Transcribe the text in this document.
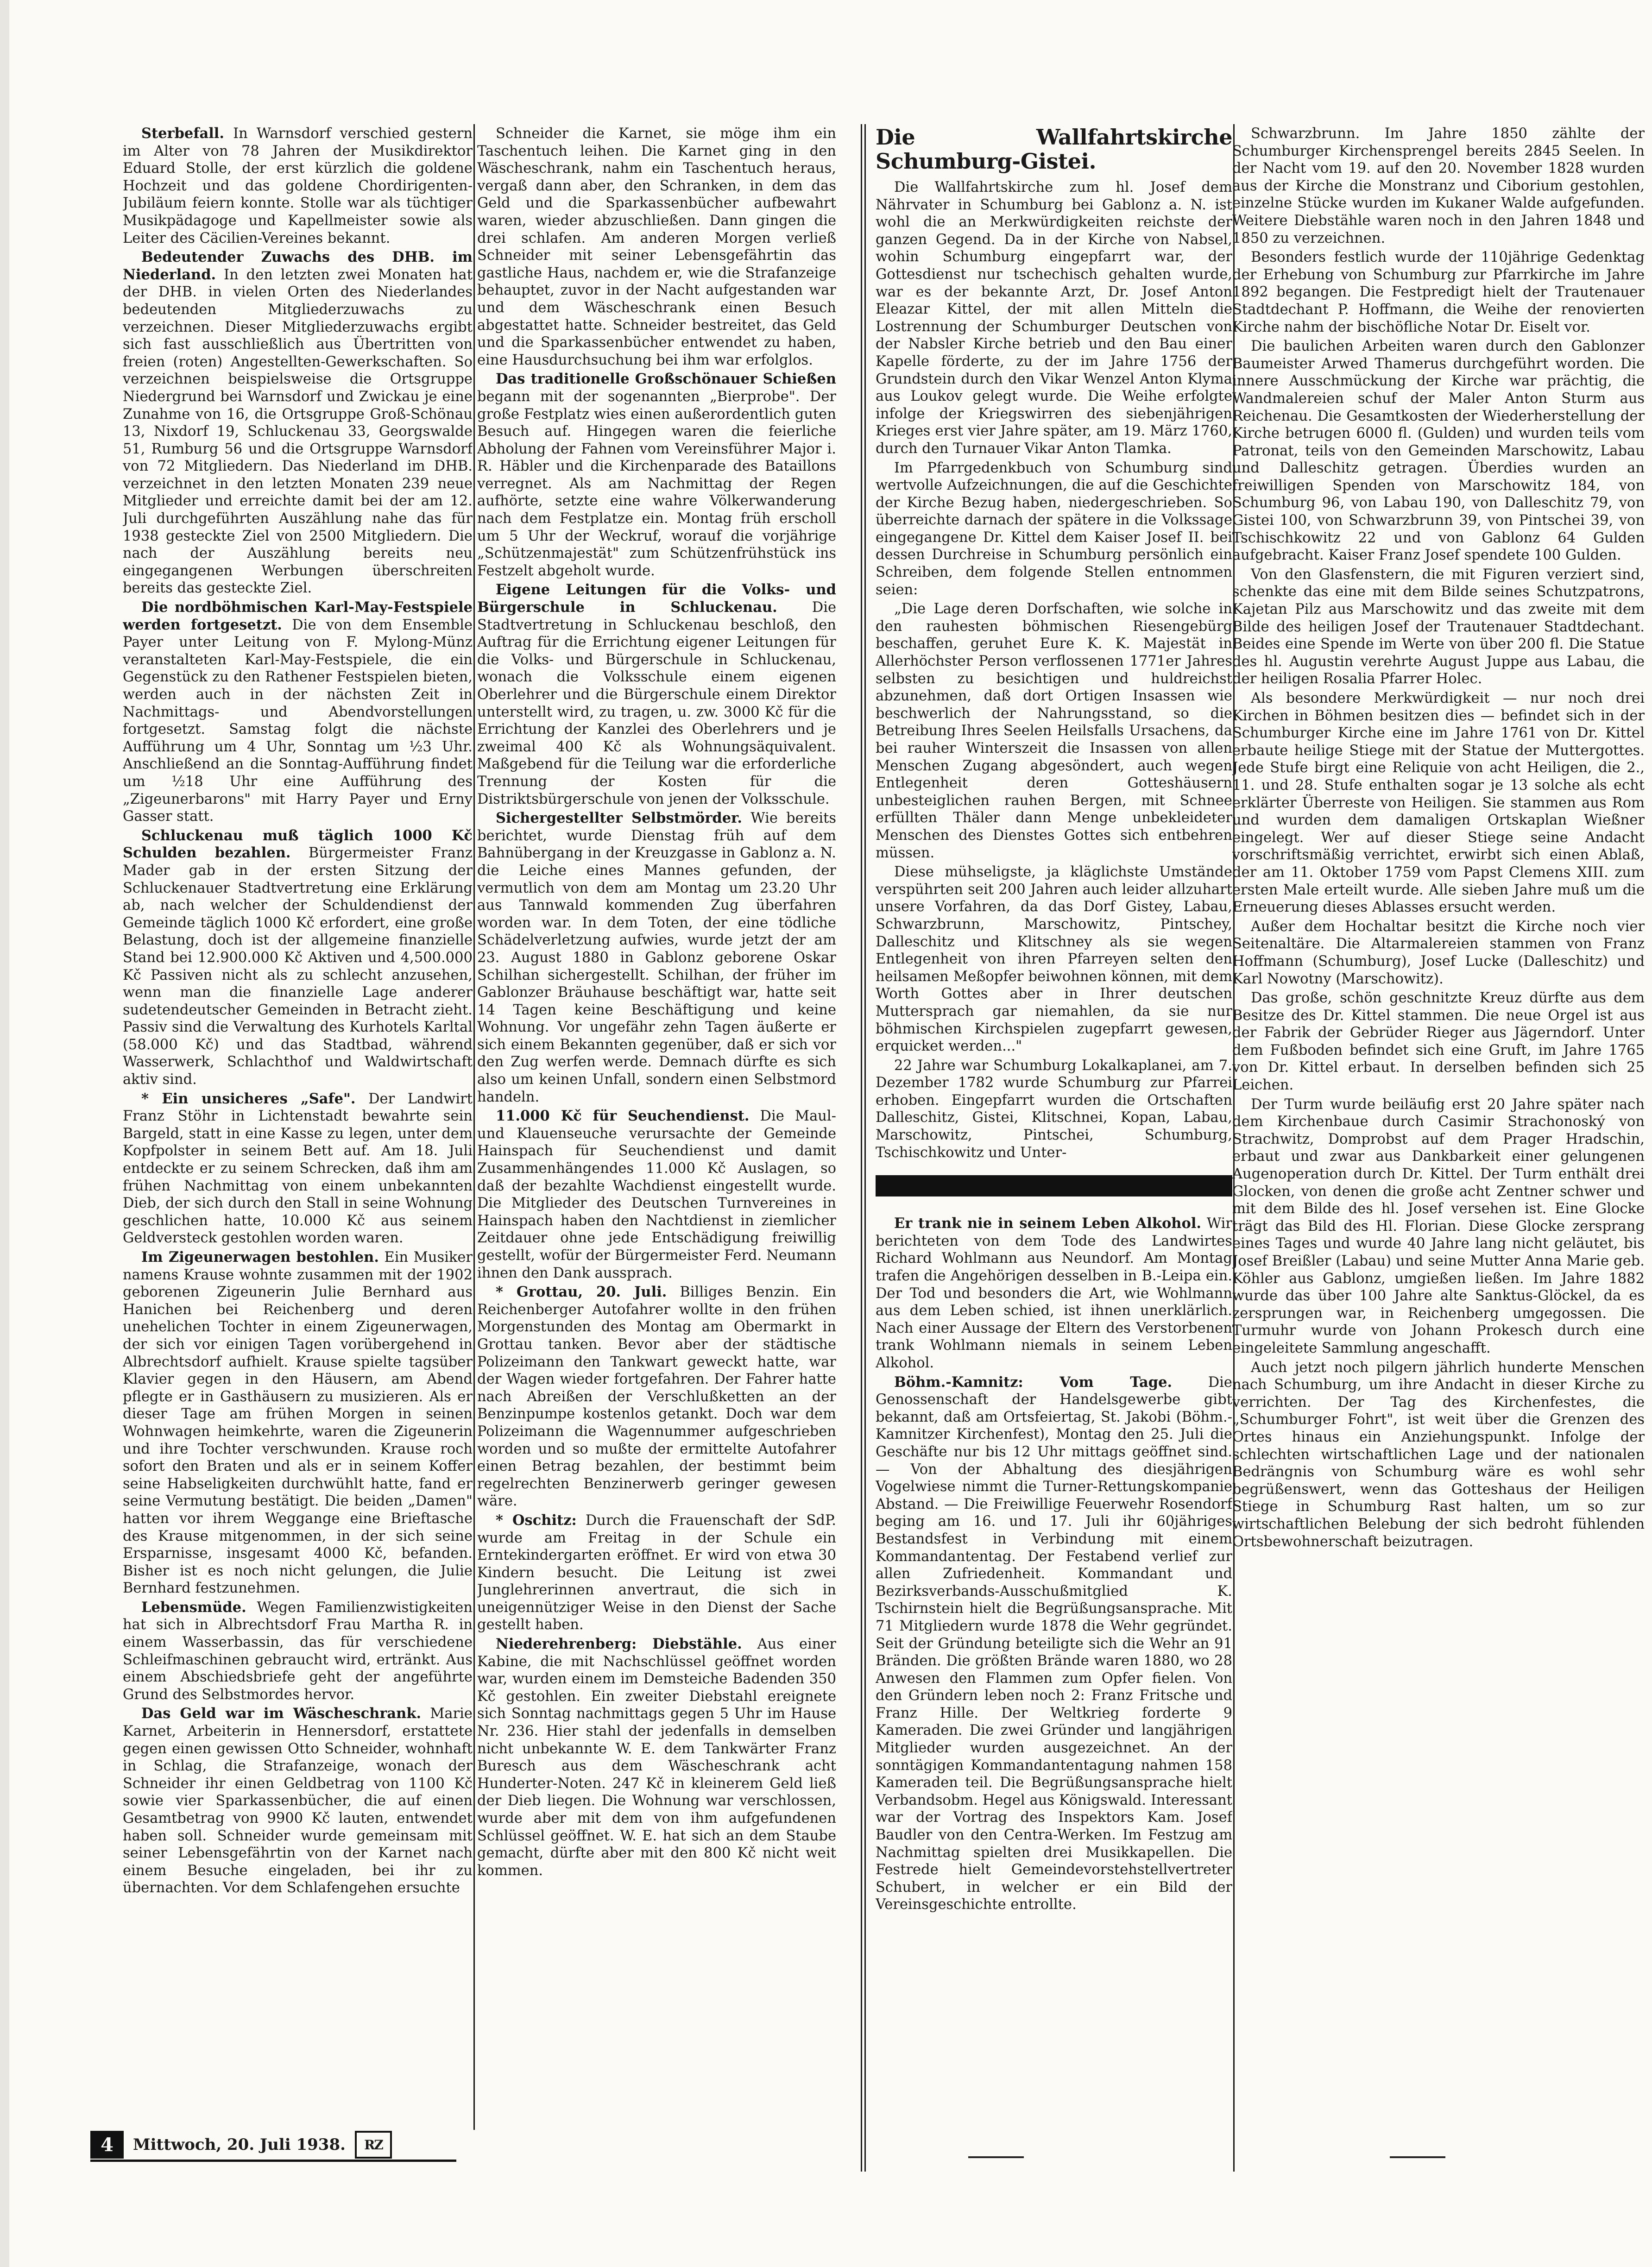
Sterbefall. In Warnsdorf verschied gestern im Alter von 78 Jahren der Musikdirektor Eduard Stolle, der erst kürzlich die goldene Hochzeit und das goldene Chordirigenten-Jubiläum feiern konnte. Stolle war als tüchtiger Musikpädagoge und Kapellmeister sowie als Leiter des Cäcilien-Vereines bekannt.

Bedeutender Zuwachs des DHB. im Niederland. In den letzten zwei Monaten hat der DHB. in vielen Orten des Niederlandes bedeutenden Mitgliederzuwachs zu verzeichnen. Dieser Mitgliederzuwachs ergibt sich fast ausschließlich aus Übertritten von freien (roten) Angestellten-Gewerkschaften. So verzeichnen beispielsweise die Ortsgruppe Niedergrund bei Warnsdorf und Zwickau je eine Zunahme von 16, die Ortsgruppe Groß-Schönau 13, Nixdorf 19, Schluckenau 33, Georgswalde 51, Rumburg 56 und die Ortsgruppe Warnsdorf von 72 Mitgliedern. Das Niederland im DHB. verzeichnet in den letzten Monaten 239 neue Mitglieder und erreichte damit bei der am 12. Juli durchgeführten Auszählung nahe das für 1938 gesteckte Ziel von 2500 Mitgliedern. Die nach der Auszählung bereits neu eingegangenen Werbungen überschreiten bereits das gesteckte Ziel.

Die nordböhmischen Karl-May-Festspiele werden fortgesetzt. Die von dem Ensemble Payer unter Leitung von F. Mylong-Münz veranstalteten Karl-May-Festspiele, die ein Gegenstück zu den Rathener Festspielen bieten, werden auch in der nächsten Zeit in Nachmittags- und Abendvorstellungen fortgesetzt. Samstag folgt die nächste Aufführung um 4 Uhr, Sonntag um ½3 Uhr. Anschließend an die Sonntag-Aufführung findet um ½18 Uhr eine Aufführung des „Zigeunerbarons" mit Harry Payer und Erny Gasser statt.

Schluckenau muß täglich 1000 Kč Schulden bezahlen. Bürgermeister Franz Mader gab in der ersten Sitzung der Schluckenauer Stadtvertretung eine Erklärung ab, nach welcher der Schuldendienst der Gemeinde täglich 1000 Kč erfordert, eine große Belastung, doch ist der allgemeine finanzielle Stand bei 12.900.000 Kč Aktiven und 4,500.000 Kč Passiven nicht als zu schlecht anzusehen, wenn man die finanzielle Lage anderer sudetendeutscher Gemeinden in Betracht zieht. Passiv sind die Verwaltung des Kurhotels Karltal (58.000 Kč) und das Stadtbad, während Wasserwerk, Schlachthof und Waldwirtschaft aktiv sind.

* Ein unsicheres „Safe". Der Landwirt Franz Stöhr in Lichtenstadt bewahrte sein Bargeld, statt in eine Kasse zu legen, unter dem Kopfpolster in seinem Bett auf. Am 18. Juli entdeckte er zu seinem Schrecken, daß ihm am frühen Nachmittag von einem unbekannten Dieb, der sich durch den Stall in seine Wohnung geschlichen hatte, 10.000 Kč aus seinem Geldversteck gestohlen worden waren.

Im Zigeunerwagen bestohlen. Ein Musiker namens Krause wohnte zusammen mit der 1902 geborenen Zigeunerin Julie Bernhard aus Hanichen bei Reichenberg und deren unehelichen Tochter in einem Zigeunerwagen, der sich vor einigen Tagen vorübergehend in Albrechtsdorf aufhielt. Krause spielte tagsüber Klavier gegen in den Häusern, am Abend pflegte er in Gasthäusern zu musizieren. Als er dieser Tage am frühen Morgen in seinen Wohnwagen heimkehrte, waren die Zigeunerin und ihre Tochter verschwunden. Krause roch sofort den Braten und als er in seinem Koffer seine Habseligkeiten durchwühlt hatte, fand er seine Vermutung bestätigt. Die beiden „Damen" hatten vor ihrem Weggange eine Brieftasche des Krause mitgenommen, in der sich seine Ersparnisse, insgesamt 4000 Kč, befanden. Bisher ist es noch nicht gelungen, die Julie Bernhard festzunehmen.

Lebensmüde. Wegen Familienzwistigkeiten hat sich in Albrechtsdorf Frau Martha R. in einem Wasserbassin, das für verschiedene Schleifmaschinen gebraucht wird, ertränkt. Aus einem Abschiedsbriefe geht der angeführte Grund des Selbstmordes hervor.

Das Geld war im Wäscheschrank. Marie Karnet, Arbeiterin in Hennersdorf, erstattete gegen einen gewissen Otto Schneider, wohnhaft in Schlag, die Strafanzeige, wonach der Schneider ihr einen Geldbetrag von 1100 Kč sowie vier Sparkassenbücher, die auf einen Gesamtbetrag von 9900 Kč lauten, entwendet haben soll. Schneider wurde gemeinsam mit seiner Lebensgefährtin von der Karnet nach einem Besuche eingeladen, bei ihr zu übernachten. Vor dem Schlafengehen ersuchte

Schneider die Karnet, sie möge ihm ein Taschentuch leihen. Die Karnet ging in den Wäscheschrank, nahm ein Taschentuch heraus, vergaß dann aber, den Schranken, in dem das Geld und die Sparkassenbücher aufbewahrt waren, wieder abzuschließen. Dann gingen die drei schlafen. Am anderen Morgen verließ Schneider mit seiner Lebensgefährtin das gastliche Haus, nachdem er, wie die Strafanzeige behauptet, zuvor in der Nacht aufgestanden war und dem Wäscheschrank einen Besuch abgestattet hatte. Schneider bestreitet, das Geld und die Sparkassenbücher entwendet zu haben, eine Hausdurchsuchung bei ihm war erfolglos.

Das traditionelle Großschönauer Schießen begann mit der sogenannten „Bierprobe". Der große Festplatz wies einen außerordentlich guten Besuch auf. Hingegen waren die feierliche Abholung der Fahnen vom Vereinsführer Major i. R. Häbler und die Kirchenparade des Bataillons verregnet. Als am Nachmittag der Regen aufhörte, setzte eine wahre Völkerwanderung nach dem Festplatze ein. Montag früh erscholl um 5 Uhr der Weckruf, worauf die vorjährige „Schützenmajestät" zum Schützenfrühstück ins Festzelt abgeholt wurde.

Eigene Leitungen für die Volks- und Bürgerschule in Schluckenau. Die Stadtvertretung in Schluckenau beschloß, den Auftrag für die Errichtung eigener Leitungen für die Volks- und Bürgerschule in Schluckenau, wonach die Volksschule einem eigenen Oberlehrer und die Bürgerschule einem Direktor unterstellt wird, zu tragen, u. zw. 3000 Kč für die Errichtung der Kanzlei des Oberlehrers und je zweimal 400 Kč als Wohnungsäquivalent. Maßgebend für die Teilung war die erforderliche Trennung der Kosten für die Distriktsbürgerschule von jenen der Volksschule.

Sichergestellter Selbstmörder. Wie bereits berichtet, wurde Dienstag früh auf dem Bahnübergang in der Kreuzgasse in Gablonz a. N. die Leiche eines Mannes gefunden, der vermutlich von dem am Montag um 23.20 Uhr aus Tannwald kommenden Zug überfahren worden war. In dem Toten, der eine tödliche Schädelverletzung aufwies, wurde jetzt der am 23. August 1880 in Gablonz geborene Oskar Schilhan sichergestellt. Schilhan, der früher im Gablonzer Bräuhause beschäftigt war, hatte seit 14 Tagen keine Beschäftigung und keine Wohnung. Vor ungefähr zehn Tagen äußerte er sich einem Bekannten gegenüber, daß er sich vor den Zug werfen werde. Demnach dürfte es sich also um keinen Unfall, sondern einen Selbstmord handeln.

11.000 Kč für Seuchendienst. Die Maul- und Klauenseuche verursachte der Gemeinde Hainspach für Seuchendienst und damit Zusammenhängendes 11.000 Kč Auslagen, so daß der bezahlte Wachdienst eingestellt wurde. Die Mitglieder des Deutschen Turnvereines in Hainspach haben den Nachtdienst in ziemlicher Zeitdauer ohne jede Entschädigung freiwillig gestellt, wofür der Bürgermeister Ferd. Neumann ihnen den Dank aussprach.

* Grottau, 20. Juli. Billiges Benzin. Ein Reichenberger Autofahrer wollte in den frühen Morgenstunden des Montag am Obermarkt in Grottau tanken. Bevor aber der städtische Polizeimann den Tankwart geweckt hatte, war der Wagen wieder fortgefahren. Der Fahrer hatte nach Abreißen der Verschlußketten an der Benzinpumpe kostenlos getankt. Doch war dem Polizeimann die Wagennummer aufgeschrieben worden und so mußte der ermittelte Autofahrer einen Betrag bezahlen, der bestimmt beim regelrechten Benzinerwerb geringer gewesen wäre.

* Oschitz: Durch die Frauenschaft der SdP. wurde am Freitag in der Schule ein Erntekindergarten eröffnet. Er wird von etwa 30 Kindern besucht. Die Leitung ist zwei Junglehrerinnen anvertraut, die sich in uneigennütziger Weise in den Dienst der Sache gestellt haben.

Niederehrenberg: Diebstähle. Aus einer Kabine, die mit Nachschlüssel geöffnet worden war, wurden einem im Demsteiche Badenden 350 Kč gestohlen. Ein zweiter Diebstahl ereignete sich Sonntag nachmittags gegen 5 Uhr im Hause Nr. 236. Hier stahl der jedenfalls in demselben nicht unbekannte W. E. dem Tankwärter Franz Buresch aus dem Wäscheschrank acht Hunderter-Noten. 247 Kč in kleinerem Geld ließ der Dieb liegen. Die Wohnung war verschlossen, wurde aber mit dem von ihm aufgefundenen Schlüssel geöffnet. W. E. hat sich an dem Staube gemacht, dürfte aber mit den 800 Kč nicht weit kommen.

Die Wallfahrtskirche Schumburg-Gistei.

Die Wallfahrtskirche zum hl. Josef dem Nährvater in Schumburg bei Gablonz a. N. ist wohl die an Merkwürdigkeiten reichste der ganzen Gegend. Da in der Kirche von Nabsel, wohin Schumburg eingepfarrt war, der Gottesdienst nur tschechisch gehalten wurde, war es der bekannte Arzt, Dr. Josef Anton Eleazar Kittel, der mit allen Mitteln die Lostrennung der Schumburger Deutschen von der Nabsler Kirche betrieb und den Bau einer Kapelle förderte, zu der im Jahre 1756 der Grundstein durch den Vikar Wenzel Anton Klyma aus Loukov gelegt wurde. Die Weihe erfolgte infolge der Kriegswirren des siebenjährigen Krieges erst vier Jahre später, am 19. März 1760, durch den Turnauer Vikar Anton Tlamka.

Im Pfarrgedenkbuch von Schumburg sind wertvolle Aufzeichnungen, die auf die Geschichte der Kirche Bezug haben, niedergeschrieben. So überreichte darnach der spätere in die Volkssage eingegangene Dr. Kittel dem Kaiser Josef II. bei dessen Durchreise in Schumburg persönlich ein Schreiben, dem folgende Stellen entnommen seien:

„Die Lage deren Dorfschaften, wie solche in den rauhesten böhmischen Riesengebürg beschaffen, geruhet Eure K. K. Majestät in Allerhöchster Person verflossenen 1771er Jahres selbsten zu besichtigen und huldreichst abzunehmen, daß dort Ortigen Insassen wie beschwerlich der Nahrungsstand, so die Betreibung Ihres Seelen Heilsfalls Ursachens, da bei rauher Winterszeit die Insassen von allen Menschen Zugang abgesöndert, auch wegen Entlegenheit deren Gotteshäusern unbesteiglichen rauhen Bergen, mit Schnee erfüllten Thäler dann Menge unbekleideter Menschen des Dienstes Gottes sich entbehren müssen.

Diese mühseligste, ja kläglichste Umstände verspührten seit 200 Jahren auch leider allzuhart unsere Vorfahren, da das Dorf Gistey, Labau, Schwarzbrunn, Marschowitz, Pintschey, Dalleschitz und Klitschney als sie wegen Entlegenheit von ihren Pfarreyen selten den heilsamen Meßopfer beiwohnen können, mit dem Worth Gottes aber in Ihrer deutschen Muttersprach gar niemahlen, da sie nur böhmischen Kirchspielen zugepfarrt gewesen, erquicket werden..."

22 Jahre war Schumburg Lokalkaplanei, am 7. Dezember 1782 wurde Schumburg zur Pfarrei erhoben. Eingepfarrt wurden die Ortschaften Dalleschitz, Gistei, Klitschnei, Kopan, Labau, Marschowitz, Pintschei, Schumburg, Tschischkowitz und Unter-

Er trank nie in seinem Leben Alkohol. Wir berichteten von dem Tode des Landwirtes Richard Wohlmann aus Neundorf. Am Montag trafen die Angehörigen desselben in B.-Leipa ein. Der Tod und besonders die Art, wie Wohlmann aus dem Leben schied, ist ihnen unerklärlich. Nach einer Aussage der Eltern des Verstorbenen trank Wohlmann niemals in seinem Leben Alkohol.

Böhm.-Kamnitz: Vom Tage.	Die Genossenschaft der Handelsgewerbe gibt bekannt, daß am Ortsfeiertag, St. Jakobi (Böhm.-Kamnitzer Kirchenfest), Montag den 25. Juli die Geschäfte nur bis 12 Uhr mittags geöffnet sind. — Von der Abhaltung des diesjährigen Vogelwiese nimmt die Turner-Rettungskompanie Abstand. — Die Freiwillige Feuerwehr Rosendorf beging am 16. und 17. Juli ihr 60jähriges Bestandsfest in Verbindung mit einem Kommandantentag. Der Festabend verlief zur allen Zufriedenheit. Kommandant und Bezirksverbands-Ausschußmitglied K. Tschirnstein hielt die Begrüßungsansprache. Mit 71 Mitgliedern wurde 1878 die Wehr gegründet. Seit der Gründung beteiligte sich die Wehr an 91 Bränden. Die größten Brände waren 1880, wo 28 Anwesen den Flammen zum Opfer fielen. Von den Gründern leben noch 2: Franz Fritsche und Franz Hille. Der Weltkrieg forderte 9 Kameraden. Die zwei Gründer und langjährigen Mitglieder wurden ausgezeichnet. An der sonntägigen Kommandantentagung nahmen 158 Kameraden teil. Die Begrüßungsansprache hielt Verbandsobm. Hegel aus Königswald. Interessant war der Vortrag des Inspektors Kam. Josef Baudler von den Centra-Werken. Im Festzug am Nachmittag spielten drei Musikkapellen. Die Festrede hielt Gemeindevorstehstellvertreter Schubert, in welcher er ein Bild der Vereinsgeschichte entrollte.

Schwarzbrunn. Im Jahre 1850 zählte der Schumburger Kirchensprengel bereits 2845 Seelen. In der Nacht vom 19. auf den 20. November 1828 wurden aus der Kirche die Monstranz und Ciborium gestohlen, einzelne Stücke wurden im Kukaner Walde aufgefunden. Weitere Diebstähle waren noch in den Jahren 1848 und 1850 zu verzeichnen.

Besonders festlich wurde der 110jährige Gedenktag der Erhebung von Schumburg zur Pfarrkirche im Jahre 1892 begangen. Die Festpredigt hielt der Trautenauer Stadtdechant P. Hoffmann, die Weihe der renovierten Kirche nahm der bischöfliche Notar Dr. Eiselt vor.

Die baulichen Arbeiten waren durch den Gablonzer Baumeister Arwed Thamerus durchgeführt worden. Die innere Ausschmückung der Kirche war prächtig, die Wandmalereien schuf der Maler Anton Sturm aus Reichenau. Die Gesamtkosten der Wiederherstellung der Kirche betrugen 6000 fl. (Gulden) und wurden teils vom Patronat, teils von den Gemeinden Marschowitz, Labau und Dalleschitz getragen. Überdies wurden an freiwilligen Spenden von Marschowitz 184, von Schumburg 96, von Labau 190, von Dalleschitz 79, von Gistei 100, von Schwarzbrunn 39, von Pintschei 39, von Tschischkowitz 22 und von Gablonz 64 Gulden aufgebracht. Kaiser Franz Josef spendete 100 Gulden.

Von den Glasfenstern, die mit Figuren verziert sind, schenkte das eine mit dem Bilde seines Schutzpatrons, Kajetan Pilz aus Marschowitz und das zweite mit dem Bilde des heiligen Josef der Trautenauer Stadtdechant. Beides eine Spende im Werte von über 200 fl. Die Statue des hl. Augustin verehrte August Juppe aus Labau, die der heiligen Rosalia Pfarrer Holec.

Als besondere Merkwürdigkeit — nur noch drei Kirchen in Böhmen besitzen dies — befindet sich in der Schumburger Kirche eine im Jahre 1761 von Dr. Kittel erbaute heilige Stiege mit der Statue der Muttergottes. Jede Stufe birgt eine Reliquie von acht Heiligen, die 2., 11. und 28. Stufe enthalten sogar je 13 solche als echt erklärter Überreste von Heiligen. Sie stammen aus Rom und wurden dem damaligen Ortskaplan Wießner eingelegt. Wer auf dieser Stiege seine Andacht vorschriftsmäßig verrichtet, erwirbt sich einen Ablaß, der am 11. Oktober 1759 vom Papst Clemens XIII. zum ersten Male erteilt wurde. Alle sieben Jahre muß um die Erneuerung dieses Ablasses ersucht werden.

Außer dem Hochaltar besitzt die Kirche noch vier Seitenaltäre. Die Altarmalereien stammen von Franz Hoffmann (Schumburg), Josef Lucke (Dalleschitz) und Karl Nowotny (Marschowitz).

Das große, schön geschnitzte Kreuz dürfte aus dem Besitze des Dr. Kittel stammen. Die neue Orgel ist aus der Fabrik der Gebrüder Rieger aus Jägerndorf. Unter dem Fußboden befindet sich eine Gruft, im Jahre 1765 von Dr. Kittel erbaut. In derselben befinden sich 25 Leichen.

Der Turm wurde beiläufig erst 20 Jahre später nach dem Kirchenbaue durch Casimir Strachonoský von Strachwitz, Domprobst auf dem Prager Hradschin, erbaut und zwar aus Dankbarkeit einer gelungenen Augenoperation durch Dr. Kittel. Der Turm enthält drei Glocken, von denen die große acht Zentner schwer und mit dem Bilde des hl. Josef versehen ist. Eine Glocke trägt das Bild des Hl. Florian. Diese Glocke zersprang eines Tages und wurde 40 Jahre lang nicht geläutet, bis Josef Breißler (Labau) und seine Mutter Anna Marie geb. Köhler aus Gablonz, umgießen ließen. Im Jahre 1882 wurde das über 100 Jahre alte Sanktus-Glöckel, da es zersprungen war, in Reichenberg umgegossen. Die Turmuhr wurde von Johann Prokesch durch eine eingeleitete Sammlung angeschafft.

Auch jetzt noch pilgern jährlich hunderte Menschen nach Schumburg, um ihre Andacht in dieser Kirche zu verrichten. Der Tag des Kirchenfestes, die „Schumburger Fohrt", ist weit über die Grenzen des Ortes hinaus ein Anziehungspunkt. Infolge der schlechten wirtschaftlichen Lage und der nationalen Bedrängnis von Schumburg wäre es wohl sehr begrüßenswert, wenn das Gotteshaus der Heiligen Stiege in Schumburg Rast halten, um so zur wirtschaftlichen Belebung der sich bedroht fühlenden Ortsbewohnerschaft beizutragen.

4	Mittwoch, 20. Juli 1938.	RZ
